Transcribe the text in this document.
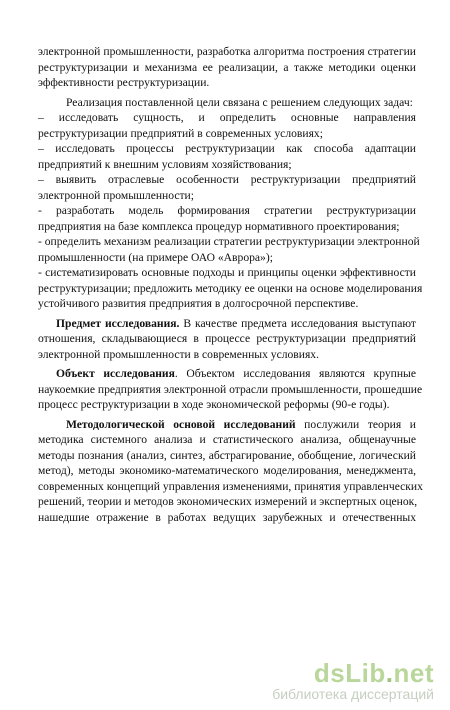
электронной промышленности, разработка алгоритма построения стратегии
реструктуризации и механизма ее реализации, а также методики оценки
эффективности реструктуризации.
Реализация поставленной цели связана с решением следующих задач:
– исследовать сущность, и определить основные направления
реструктуризации предприятий в современных условиях;
– исследовать процессы реструктуризации как способа адаптации
предприятий к внешним условиям хозяйствования;
– выявить отраслевые особенности реструктуризации предприятий
электронной промышленности;
- разработать модель формирования стратегии реструктуризации
предприятия на базе комплекса процедур нормативного проектирования;
- определить механизм реализации стратегии реструктуризации электронной
промышленности (на примере ОАО «Аврора»);
- систематизировать основные подходы и принципы оценки эффективности
реструктуризации; предложить методику ее оценки на основе моделирования
устойчивого развития предприятия в долгосрочной перспективе.
Предмет исследования. В качестве предмета исследования выступают
отношения, складывающиеся в процессе реструктуризации предприятий
электронной промышленности в современных условиях.
Объект исследования. Объектом исследования являются крупные
наукоемкие предприятия электронной отрасли промышленности, прошедшие
процесс реструктуризации в ходе экономической реформы (90-е годы).
Методологической основой исследований послужили теория и
методика системного анализа и статистического анализа, общенаучные
методы познания (анализ, синтез, абстрагирование, обобщение, логический
метод), методы экономико-математического моделирования, менеджмента,
современных концепций управления изменениями, принятия управленческих
решений, теории и методов экономических измерений и экспертных оценок,
нашедшие отражение в работах ведущих зарубежных и отечественных
dsLib.net
библиотека диссертаций
